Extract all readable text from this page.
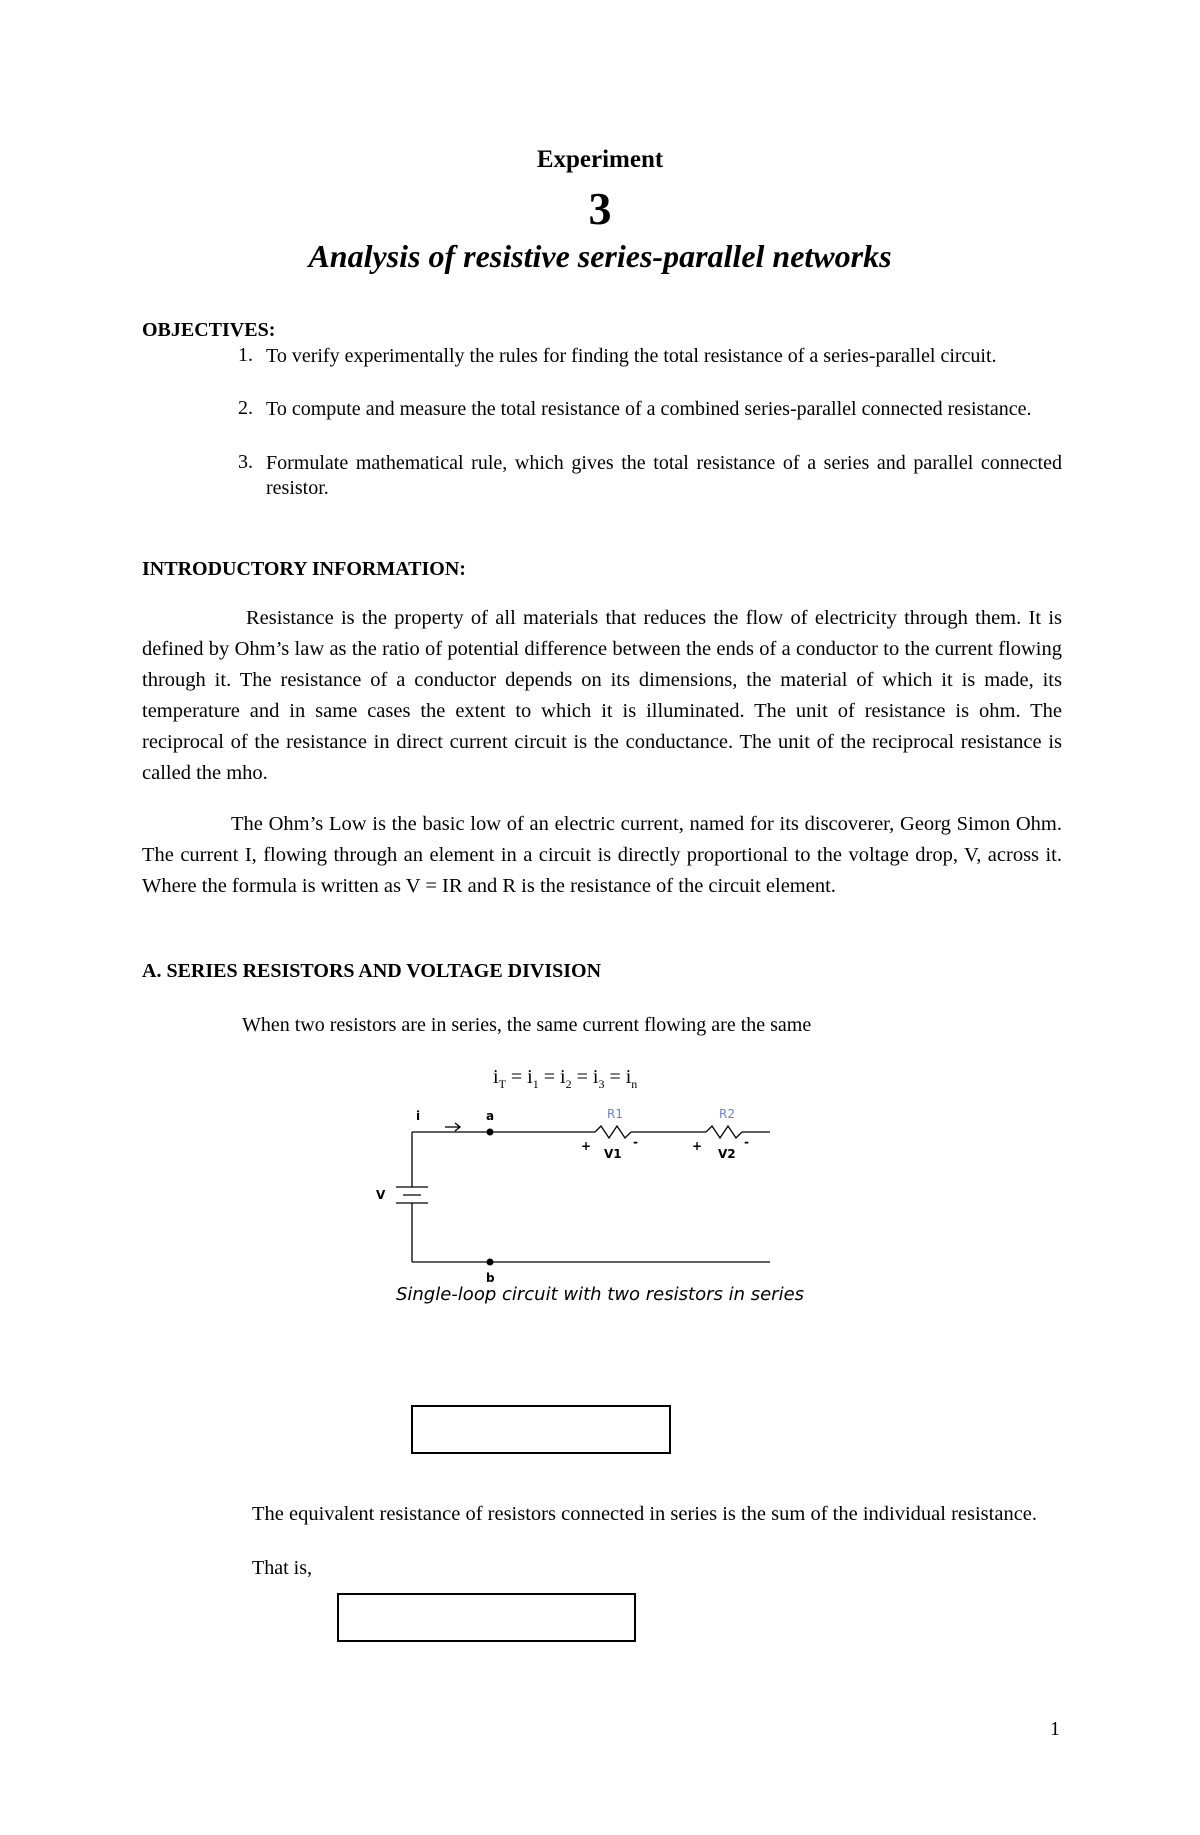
Experiment
3
Analysis of resistive series-parallel networks
OBJECTIVES:
1. To verify experimentally the rules for finding the total resistance of a series-parallel circuit.
2. To compute and measure the total resistance of a combined series-parallel connected resistance.
3. Formulate mathematical rule, which gives the total resistance of a series and parallel connected resistor.
INTRODUCTORY INFORMATION:
Resistance is the property of all materials that reduces the flow of electricity through them. It is defined by Ohm’s law as the ratio of potential difference between the ends of a conductor to the current flowing through it. The resistance of a conductor depends on its dimensions, the material of which it is made, its temperature and in same cases the extent to which it is illuminated. The unit of resistance is ohm. The reciprocal of the resistance in direct current circuit is the conductance. The unit of the reciprocal resistance is called the mho.
The Ohm’s Low is the basic low of an electric current, named for its discoverer, Georg Simon Ohm. The current I, flowing through an element in a circuit is directly proportional to the voltage drop, V, across it. Where the formula is written as V = IR and R is the resistance of the circuit element.
A. SERIES RESISTORS AND VOLTAGE DIVISION
When two resistors are in series, the same current flowing are the same
$i_T = i_1 = i_2 = i_3 = i_n$
i	a
b
V
R1	R2
V1	V2
+	-	+	-
Single-loop circuit with two resistors in series
The equivalent resistance of resistors connected in series is the sum of the individual resistance.
That is,
1
